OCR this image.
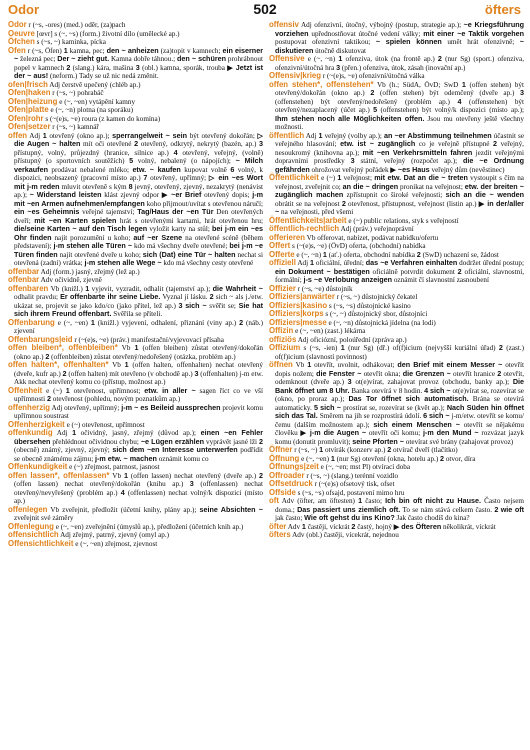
Odor	502	öfters

Odor r (~s, -ores) (med.) oděr, (za)pach

Oeuvre [œvr] s (~, ~s) (form.) životní dílo (umělecké ap.)

Öfchen s (~s, ~) kaminka, pícka

Ofen r (~s, Öfen) 1 kamna, pec; den ~ anheizen (za)topit v kamnech; ein eiserner ~ železná pec; Der ~ zieht gut. Kamna dobře táhnou.; den ~ schüren prohrábnout popel v kamnech 2 (slang.) kára, mašina 3 (obl.) kamna, sporák, trouba ▶ Jetzt ist der ~ aus! (neform.) Tady se už nic nedá změnit.

ofen|frisch Adj čerstvě upečený (chléb ap.)

Ofen|haken r (~s, ~) pohrabáč

Ofen|heizung e (~, ~en) vytápění kamny

Ofen|platte e (~, ~n) plotna (na sporáku)

Ofen|rohr s (~(e)s, ~e) roura (z kamen do komína)

Ofen|setzer r (~s, ~) kamnář

offen Adj 1 otevřený (okno ap.); sperrangelweit ~ sein být otevřený dokořán; ▷ die Augen ~ halten mít oči otevřené 2 otevřený, odkrytý, nekrytý (bazén, ap.) 3 přístupný, volný, průjezdný (hranice, silnice ap.) 4 otevřený, veřejný, (volně) přístupný (o sportovních soutěžích) 5 volný, nebalený (o nápojích); ~ Milch verkaufen prodávat nebalené mléko; etw. ~ kaufen kupovat volně 6 volný, k dispozici, neobsazený (pracovní místo ap.) 7 otevřený, upřímný; ▷ ein ~es Wort mit j-m reden mluvit otevřeně s kým 8 jevný, otevřený, zjevný, nezakrytý (nenávist ap.); ~ Widerstand leisten klást zjevný odpor ▶ ~er Brief otevřený dopis; j-m mit ~en Armen aufnehmen/empfangen koho přijmout/uvítat s otevřenou náručí; ein ~es Geheimnis veřejné tajemství; Tag/Haus der ~en Tür Den otevřených dveří; mit ~en Karten spielen hrát s otevřenými kartami, hrát otevřenou hru; die/seine Karten ~ auf den Tisch legen vyložit karty na stůl; bei j-m ein ~es Ohr finden najít porozumění u koho; auf ~er Szene na otevřené scéně (během představení); j-m stehen alle Türen ~ kdo má všechny dveře otevřené; bei j-m ~e Türen finden najít otevřené dveře u koho; sich (Dat) eine Tür ~ halten nechat si otevřená (zadní) vrátka; j-m stehen alle Wege ~ kdo má všechny cesty otevřené

offenbar Adj (form.) jasný, zřejmý (lež ap.)

offenbar Adv očividně, zjevně

offenbaren Vb (knižl.) 1 vyjevit, vyzradit, odhalit (tajemství ap.); die Wahrheit ~ odhalit pravdu; Er offenbarte ihr seine Liebe. Vyznal jí lásku. 2 sich ~ als j./etw. ukázat se, projevit se jako kdo/co (jako přítel, lež ap.) 3 sich ~ svěřit se; Sie hat sich ihrem Freund offenbart. Svěřila se příteli.

Offenbarung e (~, ~en) 1 (knižl.) vyjevení, odhalení, přiznání (viny ap.) 2 (náb.) zjevení

Offenbarungs|eid r (~(e)s, ~e) (práv.) manifestační/vyjevovací přísaha

offen bleiben*, offenbleiben* Vb 1 (offen bleiben) zůstat otevřený/dokořán (okno ap.) 2 (offenbleiben) zůstat otevřený/nedořešený (otázka, problém ap.)

offen halten*, offenhalten* Vb 1 (offen halten, offenhalten) nechat otevřený (dveře, kufr ap.) 2 (offen halten) mít otevřeno (v obchodě ap.) 3 (offenhalten) j-m etw. Akk nechat otevřený komu co (přístup, možnost ap.)

Offenheit e (~) 1 otevřenost, upřímnost; etw. in aller ~ sagen říct co ve vší upřímnosti 2 otevřenost (pohledu, novým poznatkům ap.)

offenherzig Adj otevřený, upřímný; j-m ~ es Beileid aussprechen projevit komu upřímnou soustrast

Offenherzigkeit e (~) otevřenost, upřímnost

offenkundig Adj 1 očividný, jasný, zřejmý (důvod ap.); einen ~en Fehler übersehen přehlédnout očividnou chybu; ~e Lügen erzählen vyprávět jasné lži 2 (obecně) známý, zjevný, zjevný; sich dem ~en Interesse unterwerfen podřídit se obecně známému zájmu; j-m etw. ~ machen oznámit komu co

Offenkundigkeit e (~) zřejmost, patrnost, jasnost

offen lassen*, offenlassen* Vb 1 (offen lassen) nechat otevřený (dveře ap.) 2 (offen lassen) nechat otevřený/dokořán (knihu ap.) 3 (offenlassen) nechat otevřený/nevyřešený (problém ap.) 4 (offenlassen) nechat volný/k dispozici (místo ap.)

offenlegen Vb zveřejnit, předložit (účetní knihy, plány ap.); seine Absichten ~ zveřejnit své záměry

Offenlegung e (~, ~en) zveřejnění (úmyslů ap.), předložení (účetních knih ap.)

offensichtlich Adj zřejmý, patrný, zjevný (omyl ap.)

Offensichtlichkeit e (~, ~en) zřejmost, zjevnost

offensiv Adj ofenzivní, útočný, výbojný (postup, strategie ap.); ~e Kriegsführung vorziehen upřednostňovat útočné vedení války; mit einer ~e Taktik vorgehen postupovat ofenzivní taktikou; ~ spielen können umět hrát ofenzivně; ~ diskutieren útočně diskutovat

Offensive e (~, ~n) 1 ofenziva, útok (na frontě ap.) 2 (nur Sg) (sport.) ofenziva, ofenzivní/útočná hra 3 (přen.) ofenziva, útok, zásah (inovační ap.)

Offensiv|krieg r (~(e)s, ~e) ofenzivní/útočná válka

offen stehen*, offenstehen* Vb (h.; SüdA, ÖvD; SwD 1 (offen stehen) být otevřený/dokořán (okno ap.) 2 (offen stehen) být odemčený (dveře ap.) 3 (offenstehen) být otevřený/nedořešený (problém ap.) 4 (offenstehen) být otevřený/nezaplacený (účet ap.) 5 (offenstehen) být volný/k dispozici (místo ap.); Ihm stehen noch alle Möglichkeiten offen. Jsou mu otevřeny ještě všechny možnosti.

öffentlich Adj 1 veřejný (volby ap.); an ~er Abstimmung teilnehmen účastnit se veřejného hlasování; etw. ist ~ zugänglich co je veřejně přístupné 2 veřejný, nesoukromý (knihovna ap.); mit ~en Verkehrsmitteln fahren jezdit veřejnými dopravními prostředky 3 státní, veřejný (rozpočet ap.); die ~e Ordnung gefährden ohrožovat veřejný pořádek ▶ ~es Haus veřejný dům (nevěstinec)

Öffentlichkeit e (~) 1 veřejnost; mit etw. Dat an die ~ treten vystoupit s čím na veřejnost, zveřejnit co; an die ~ dringen pronikat na veřejnost; etw. der breiten ~ zugänglich machen zpřístupnit co široké veřejnosti; sich an die ~ wenden obrátit se na veřejnost 2 otevřenost, přístupnost, veřejnost (listin ap.) ▶ in der/aller ~ na veřejnosti, před všemi

Öffentlichkeits|arbeit e (~) public relations, styk s veřejností

öffentlich-rechtlich Adj (práv.) veřejnoprávní

offerieren Vb offerovat, nabízet, podávat nabídku/ofertu

Offert s (~(e)s, ~e) (ÖvD) oferta, (obchodní) nabídka

Offerte e (~, ~n) 1 (ať.) oferta, obchodní nabídka 2 (SwD) uchazení se, žádost

offiziell Adj 1 oficiální, úřední; das ~e Verfahren einhalten dodržet úřední postup; ein Dokument ~ bestätigen oficiálně potvrdit dokument 2 oficiální, slavnostní, formální; j-s ~e Verlobung anzeigen oznámit čí slavnostní zasnoubení

Offizier r (~s, ~e) důstojník

Offiziers|anwärter r (~s, ~) důstojnický čekatel

Offiziers|kasino s (~s, ~s) důstojnické kasino

Offiziers|korps s (~, ~) důstojnický sbor, důstojníci

Offiziers|messe e (~, ~n) důstojnická jídelna (na lodi)

Offizin e (~, ~en) (zast.) lékárna

offiziös Adj oficiózní, poloúřední (zpráva ap.)

Offizium s (~s, -ien) 1 (nur Sg) (dř.) of(f)icium (nejvyšší kuriální úřad) 2 (zast.) of(f)icium (slavností povinnost)

öffnen Vb 1 otevřít, uvolnit, odhákovat; den Brief mit einem Messer ~ otevřít dopis nožem; die Fenster ~ otevřít okna; die Grenzen ~ otevřít hranice 2 otevřít, odemknout (dveře ap.) 3 ot(e)vírat, zahajovat provoz (obchodu, banky ap.); Die Bank öffnet um 8 Uhr. Banka otevírá v 8 hodin. 4 sich ~ ot(e)vírat se, rozevírat se (okno, po proraz ap.); Das Tor öffnet sich automatisch. Brána se otevírá automaticky. 5 sich ~ prostírat se, rozevírat se (květ ap.); Nach Süden hin öffnet sich das Tal. Směrem na jih se rozprostírá údolí. 6 sich ~ j-m/etw. otevřít se komu/čemu (dalším možnostem ap.); sich einem Menschen ~ otevřít se nějakému člověku ▶ j-m die Augen ~ otevřít oči komu; j-m den Mund ~ rozvázat jazyk komu (donutit promluvit); seine Pforten ~ otevírat své brány (zahajovat provoz)

Öffner r (~s, ~) 1 otvírák (konzerv ap.) 2 otvírač dveří (tlačítko)

Öffnung e (~, ~en) 1 (nur Sg) otevření (okna, hotelu ap.) 2 otvor, díra

Öffnungs|zeit e (~, ~en; mst Pl) otvírací doba

Offroader r (~s, ~) (slang.) terénní vozidlo

Offsetdruck r (~(e)s) ofsetový tisk, ofset

Offside s (~s, ~s) ofsajd, postavení mimo hru

oft Adv (öfter, am öftesten) 1 často; Ich bin oft nicht zu Hause. Často nejsem doma.; Das passiert uns ziemlich oft. To se nám stává celkem často. 2 wie oft jak často; Wie oft gehst du ins Kino? Jak často chodíš do kina?

öfter Adv 1 častěji, víckrát 2 častý, hojný ▶ des Öfteren několikrát, víckrát

öfters Adv (obl.) častěji, vícekrát, nejednou
